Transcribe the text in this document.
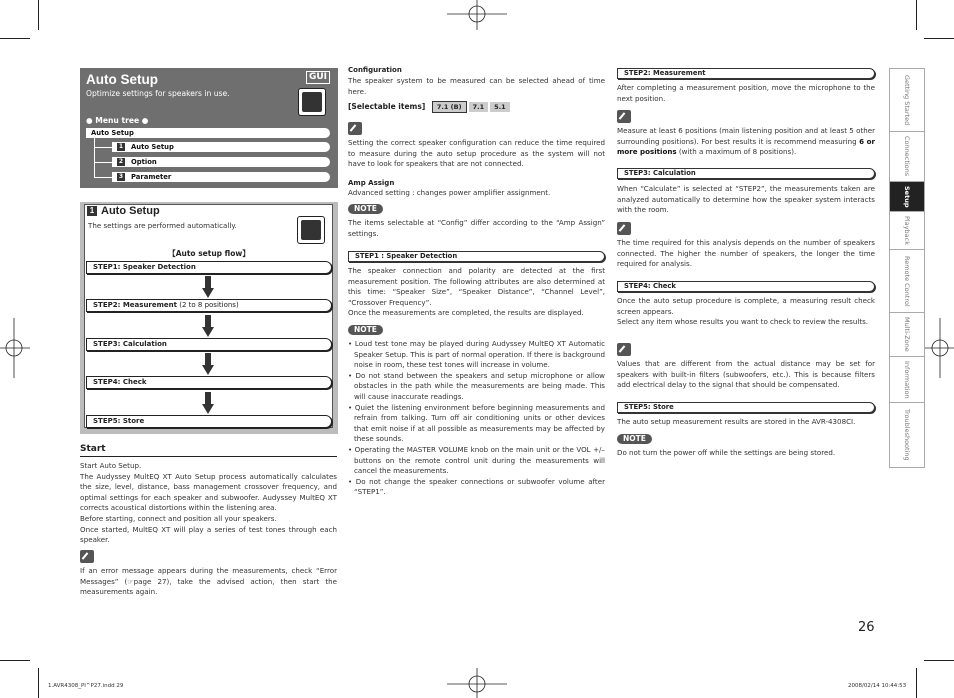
Auto Setup	GUI
Optimize settings for speakers in use.
● Menu tree ●
Auto Setup
1 Auto Setup
2 Option
3 Parameter
1 Auto Setup
The settings are performed automatically.
【Auto setup flow】
STEP1: Speaker Detection
STEP2: Measurement (2 to 8 positions)
STEP3: Calculation
STEP4: Check
STEP5: Store
Start

Start Auto Setup.

The Audyssey MultEQ XT Auto Setup process automatically calculates the size, level, distance, bass management crossover frequency, and optimal settings for each speaker and subwoofer. Audyssey MultEQ XT corrects acoustical distortions within the listening area.

Before starting, connect and position all your speakers.

Once started, MultEQ XT will play a series of test tones through each speaker.

If an error message appears during the measurements, check “Error Messages” (☞page 27), take the advised action, then start the measurements again.
Configuration
The speaker system to be measured can be selected ahead of time here.
[Selectable items] 7.1 (B) 7.1 5.1
Setting the correct speaker configuration can reduce the time required to measure during the auto setup procedure as the system will not have to look for speakers that are not connected.
Amp Assign
Advanced setting : changes power amplifier assignment.
NOTE
The items selectable at “Config” differ according to the “Amp Assign” settings.
STEP1 : Speaker Detection

The speaker connection and polarity are detected at the first measurement position. The following attributes are also determined at this time: “Speaker Size”, “Speaker Distance”, “Channel Level”, “Crossover Frequency”.

Once the measurements are completed, the results are displayed.

NOTE
• Loud test tone may be played during Audyssey MultEQ XT Automatic Speaker Setup. This is part of normal operation. If there is background noise in room, these test tones will increase in volume.
• Do not stand between the speakers and setup microphone or allow obstacles in the path while the measurements are being made. This will cause inaccurate readings.
• Quiet the listening environment before beginning measurements and refrain from talking. Turn off air conditioning units or other devices that emit noise if at all possible as measurements may be affected by these sounds.
• Operating the MASTER VOLUME knob on the main unit or the VOL +/– buttons on the remote control unit during the measurements will cancel the measurements.
• Do not change the speaker connections or subwoofer volume after “STEP1”.
STEP2: Measurement
After completing a measurement position, move the microphone to the next position.
Measure at least 6 positions (main listening position and at least 5 other surrounding positions). For best results it is recommend measuring 6 or more positions (with a maximum of 8 positions).
STEP3: Calculation
When “Calculate” is selected at “STEP2”, the measurements taken are analyzed automatically to determine how the speaker system interacts with the room.
The time required for this analysis depends on the number of speakers connected. The higher the number of speakers, the longer the time required for analysis.
STEP4: Check

Once the auto setup procedure is complete, a measuring result check screen appears.

Select any item whose results you want to check to review the results.

Values that are different from the actual distance may be set for speakers with built-in filters (subwoofers, etc.). This is because filters add electrical delay to the signal that should be compensated.
STEP5: Store
The auto setup measurement results are stored in the AVR-4308CI.
NOTE
Do not turn the power off while the settings are being stored.
Getting Started
Connections
Setup
Playback
Remote Control
Multi-Zone
Information
Troubleshooting
26
1.AVR4308_PI^P27.indd 29	2008/02/14 10:44:53
